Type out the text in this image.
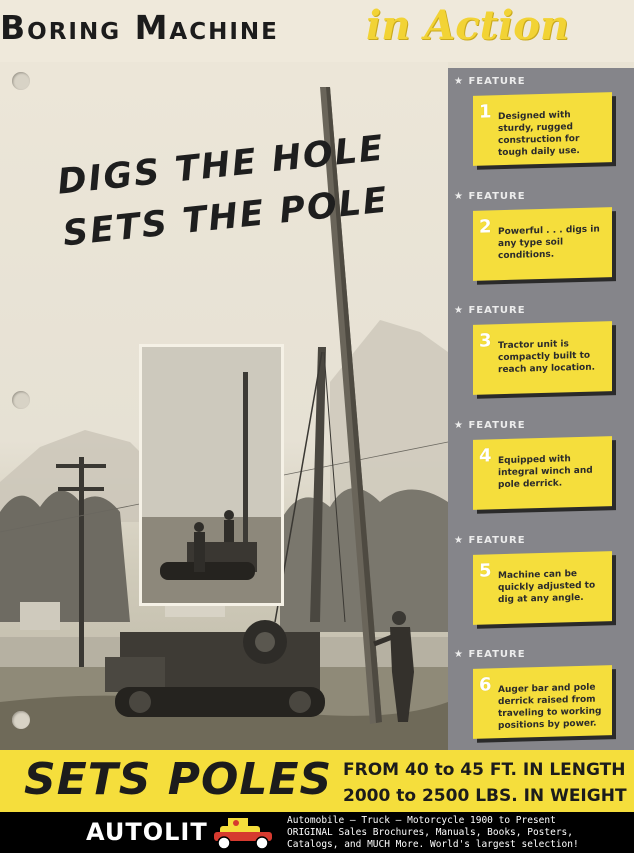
Boring Machine in Action
DIGS THE HOLE
SETS THE POLE
★ FEATURE
1 Designed with sturdy, rugged construction for tough daily use.
★ FEATURE
2 Powerful . . . digs in any type soil conditions.
★ FEATURE
3 Tractor unit is compactly built to reach any location.
★ FEATURE
4 Equipped with integral winch and pole derrick.
★ FEATURE
5 Machine can be quickly adjusted to dig at any angle.
★ FEATURE
6 Auger bar and pole derrick raised from traveling to working positions by power.
SETS POLES FROM 40 to 45 FT. IN LENGTH
2000 to 2500 LBS. IN WEIGHT
AUTOLIT	Automobile – Truck – Motorcycle 1900 to Present
ORIGINAL Sales Brochures, Manuals, Books, Posters,
Catalogs, and MUCH More. World's largest selection!
